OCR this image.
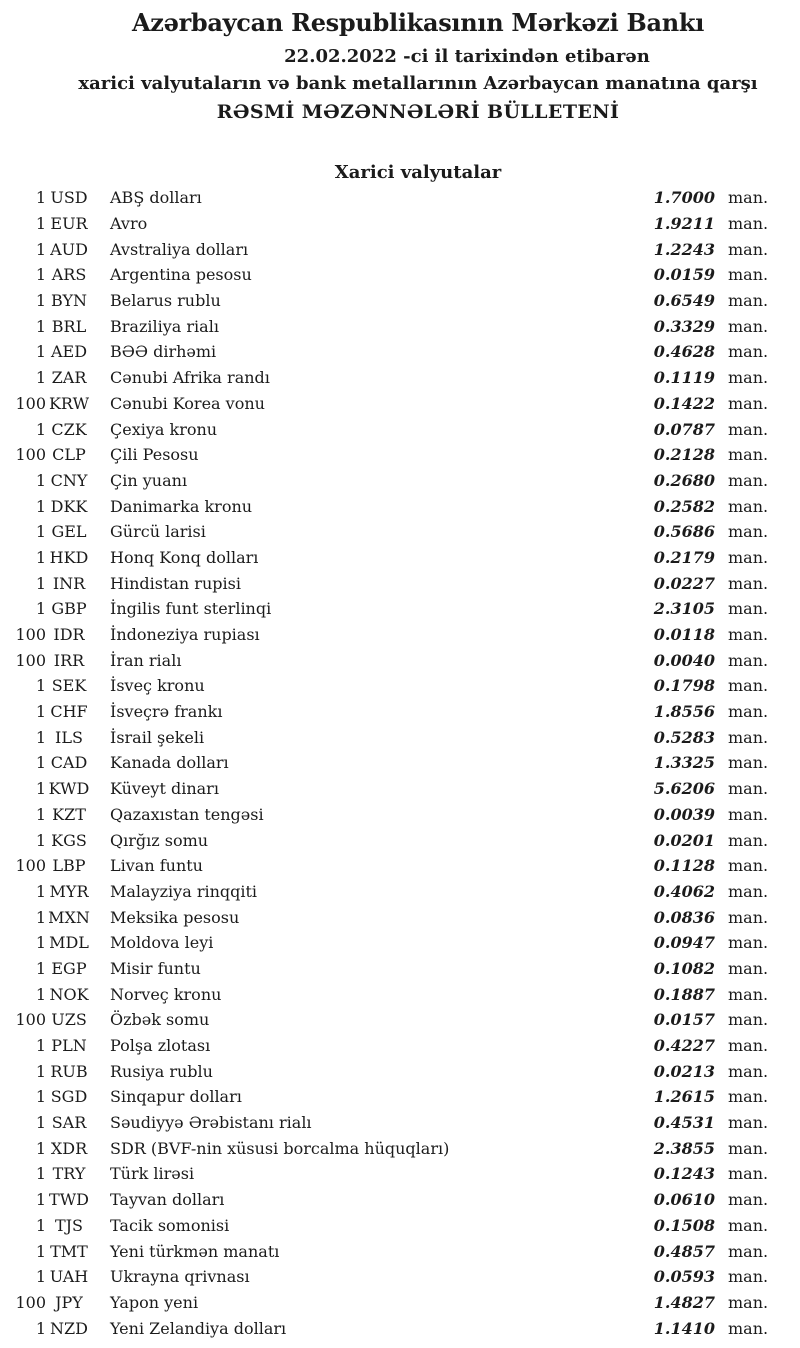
Azərbaycan Respublikasının Mərkəzi Bankı
22.02.2022 -ci il tarixindən etibarən
xarici valyutaların və bank metallarının Azərbaycan manatına qarşı
RƏSMİ MƏZƏNNƏLƏRİ BÜLLETENİ
Xarici valyutalar
1 USD	ABŞ dolları	1.7000 man.
1 EUR	Avro	1.9211 man.
1 AUD	Avstraliya dolları	1.2243 man.
1 ARS	Argentina pesosu	0.0159 man.
1 BYN	Belarus rublu	0.6549 man.
1 BRL	Braziliya rialı	0.3329 man.
1 AED	BƏƏ dirhəmi	0.4628 man.
1 ZAR	Cənubi Afrika randı	0.1119 man.
100 KRW	Cənubi Korea vonu	0.1422 man.
1 CZK	Çexiya kronu	0.0787 man.
100 CLP	Çili Pesosu	0.2128 man.
1 CNY	Çin yuanı	0.2680 man.
1 DKK	Danimarka kronu	0.2582 man.
1 GEL	Gürcü larisi	0.5686 man.
1 HKD	Honq Konq dolları	0.2179 man.
1 INR	Hindistan rupisi	0.0227 man.
1 GBP	İngilis funt sterlinqi	2.3105 man.
100 IDR	İndoneziya rupiası	0.0118 man.
100 IRR	İran rialı	0.0040 man.
1 SEK	İsveç kronu	0.1798 man.
1 CHF	İsveçrə frankı	1.8556 man.
1 ILS	İsrail şekeli	0.5283 man.
1 CAD	Kanada dolları	1.3325 man.
1 KWD	Küveyt dinarı	5.6206 man.
1 KZT	Qazaxıstan tengəsi	0.0039 man.
1 KGS	Qırğız somu	0.0201 man.
100 LBP	Livan funtu	0.1128 man.
1 MYR	Malayziya rinqqiti	0.4062 man.
1 MXN	Meksika pesosu	0.0836 man.
1 MDL	Moldova leyi	0.0947 man.
1 EGP	Misir funtu	0.1082 man.
1 NOK	Norveç kronu	0.1887 man.
100 UZS	Özbək somu	0.0157 man.
1 PLN	Polşa zlotası	0.4227 man.
1 RUB	Rusiya rublu	0.0213 man.
1 SGD	Sinqapur dolları	1.2615 man.
1 SAR	Səudiyyə Ərəbistanı rialı	0.4531 man.
1 XDR	SDR (BVF-nin xüsusi borcalma hüquqları)	2.3855 man.
1 TRY	Türk lirəsi	0.1243 man.
1 TWD	Tayvan dolları	0.0610 man.
1 TJS	Tacik somonisi	0.1508 man.
1 TMT	Yeni türkmən manatı	0.4857 man.
1 UAH	Ukrayna qrivnası	0.0593 man.
100 JPY	Yapon yeni	1.4827 man.
1 NZD	Yeni Zelandiya dolları	1.1410 man.
